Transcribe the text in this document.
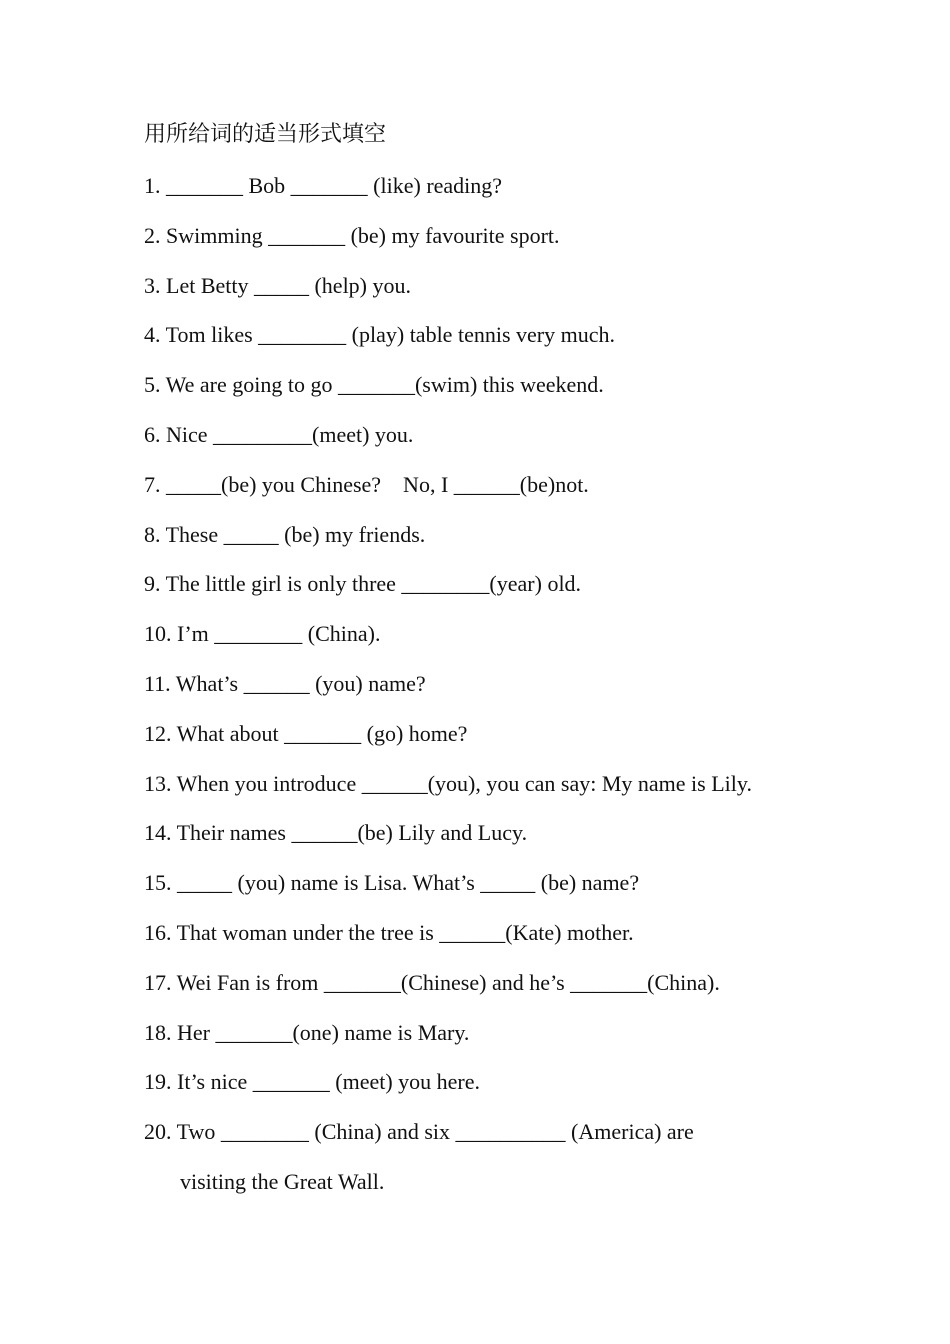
用所给词的适当形式填空
1. _______ Bob _______ (like) reading?
2. Swimming _______ (be) my favourite sport.
3. Let Betty _____ (help) you.
4. Tom likes ________ (play) table tennis very much.
5. We are going to go _______(swim) this weekend.
6. Nice _________(meet) you.
7. _____(be) you Chinese?    No, I ______(be)not.
8. These _____ (be) my friends.
9. The little girl is only three ________(year) old.
10. I’m ________ (China).
11. What’s ______ (you) name?
12. What about _______ (go) home?
13. When you introduce ______(you), you can say: My name is Lily.
14. Their names ______(be) Lily and Lucy.
15. _____ (you) name is Lisa. What’s _____ (be) name?
16. That woman under the tree is ______(Kate) mother.
17. Wei Fan is from _______(Chinese) and he’s _______(China).
18. Her _______(one) name is Mary.
19. It’s nice _______ (meet) you here.
20. Two ________ (China) and six __________ (America) are
visiting the Great Wall.
